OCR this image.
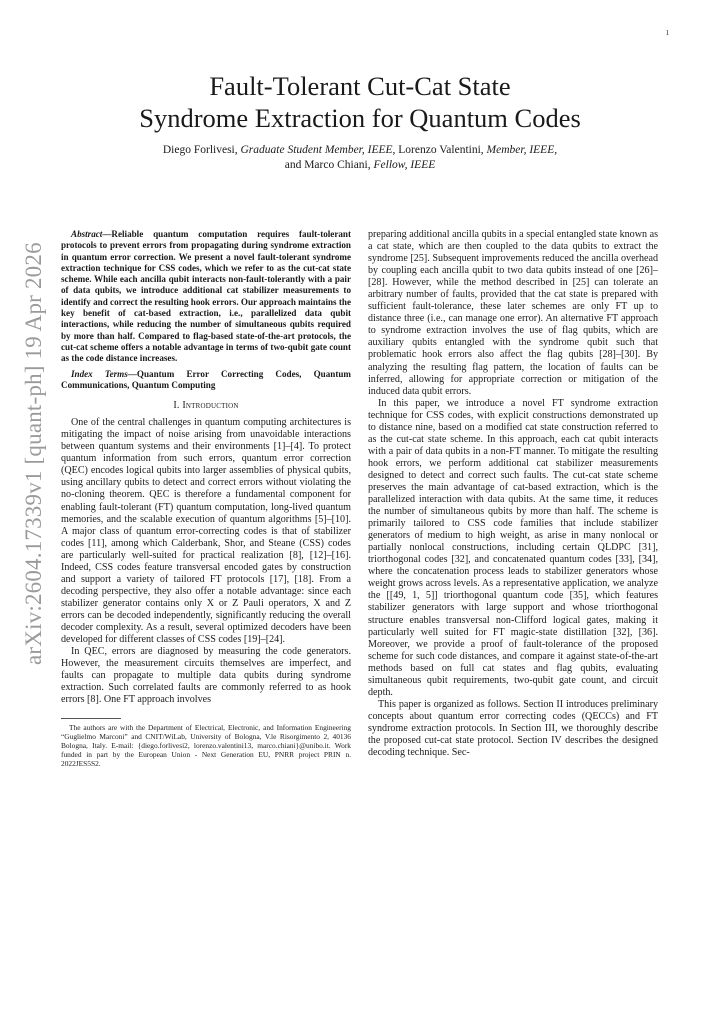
1
arXiv:2604.17339v1 [quant-ph] 19 Apr 2026
Fault-Tolerant Cut-Cat State
Syndrome Extraction for Quantum Codes
Diego Forlivesi, Graduate Student Member, IEEE, Lorenzo Valentini, Member, IEEE,
and Marco Chiani, Fellow, IEEE

Abstract—Reliable quantum computation requires fault-tolerant protocols to prevent errors from propagating during syndrome extraction in quantum error correction. We present a novel fault-tolerant syndrome extraction technique for CSS codes, which we refer to as the cut-cat state scheme. While each ancilla qubit interacts non-fault-tolerantly with a pair of data qubits, we introduce additional cat stabilizer measurements to identify and correct the resulting hook errors. Our approach maintains the key benefit of cat-based extraction, i.e., parallelized data qubit interactions, while reducing the number of simultaneous qubits required by more than half. Compared to flag-based state-of-the-art protocols, the cut-cat scheme offers a notable advantage in terms of two-qubit gate count as the code distance increases.

Index Terms—Quantum Error Correcting Codes, Quantum Communications, Quantum Computing

I. Introduction

One of the central challenges in quantum computing architectures is mitigating the impact of noise arising from unavoidable interactions between quantum systems and their environments [1]–[4]. To protect quantum information from such errors, quantum error correction (QEC) encodes logical qubits into larger assemblies of physical qubits, using ancillary qubits to detect and correct errors without violating the no-cloning theorem. QEC is therefore a fundamental component for enabling fault-tolerant (FT) quantum computation, long-lived quantum memories, and the scalable execution of quantum algorithms [5]–[10]. A major class of quantum error-correcting codes is that of stabilizer codes [11], among which Calderbank, Shor, and Steane (CSS) codes are particularly well-suited for practical realization [8], [12]–[16]. Indeed, CSS codes feature transversal encoded gates by construction and support a variety of tailored FT protocols [17], [18]. From a decoding perspective, they also offer a notable advantage: since each stabilizer generator contains only X or Z Pauli operators, X and Z errors can be decoded independently, significantly reducing the overall decoder complexity. As a result, several optimized decoders have been developed for different classes of CSS codes [19]–[24].

In QEC, errors are diagnosed by measuring the code generators. However, the measurement circuits themselves are imperfect, and faults can propagate to multiple data qubits during syndrome extraction. Such correlated faults are commonly referred to as hook errors [8]. One FT approach involves

The authors are with the Department of Electrical, Electronic, and Information Engineering “Guglielmo Marconi” and CNIT/WiLab, University of Bologna, V.le Risorgimento 2, 40136 Bologna, Italy. E-mail: {diego.forlivesi2, lorenzo.valentini13, marco.chiani}@unibo.it. Work funded in part by the European Union - Next Generation EU, PNRR project PRIN n. 2022JES5S2.

preparing additional ancilla qubits in a special entangled state known as a cat state, which are then coupled to the data qubits to extract the syndrome [25]. Subsequent improvements reduced the ancilla overhead by coupling each ancilla qubit to two data qubits instead of one [26]–[28]. However, while the method described in [25] can tolerate an arbitrary number of faults, provided that the cat state is prepared with sufficient fault-tolerance, these later schemes are only FT up to distance three (i.e., can manage one error). An alternative FT approach to syndrome extraction involves the use of flag qubits, which are auxiliary qubits entangled with the syndrome qubit such that problematic hook errors also affect the flag qubits [28]–[30]. By analyzing the resulting flag pattern, the location of faults can be inferred, allowing for appropriate correction or mitigation of the induced data qubit errors.

In this paper, we introduce a novel FT syndrome extraction technique for CSS codes, with explicit constructions demonstrated up to distance nine, based on a modified cat state construction referred to as the cut-cat state scheme. In this approach, each cat qubit interacts with a pair of data qubits in a non-FT manner. To mitigate the resulting hook errors, we perform additional cat stabilizer measurements designed to detect and correct such faults. The cut-cat state scheme preserves the main advantage of cat-based extraction, which is the parallelized interaction with data qubits. At the same time, it reduces the number of simultaneous qubits by more than half. The scheme is primarily tailored to CSS code families that include stabilizer generators of medium to high weight, as arise in many nonlocal or partially nonlocal constructions, including certain QLDPC [31], triorthogonal codes [32], and concatenated quantum codes [33], [34], where the concatenation process leads to stabilizer generators whose weight grows across levels. As a representative application, we analyze the [[49, 1, 5]] triorthogonal quantum code [35], which features stabilizer generators with large support and whose triorthogonal structure enables transversal non-Clifford logical gates, making it particularly well suited for FT magic-state distillation [32], [36]. Moreover, we provide a proof of fault-tolerance of the proposed scheme for such code distances, and compare it against state-of-the-art methods based on full cat states and flag qubits, evaluating simultaneous qubit requirements, two-qubit gate count, and circuit depth.

This paper is organized as follows. Section II introduces preliminary concepts about quantum error correcting codes (QECCs) and FT syndrome extraction protocols. In Section III, we thoroughly describe the proposed cut-cat state protocol. Section IV describes the designed decoding technique. Sec-
